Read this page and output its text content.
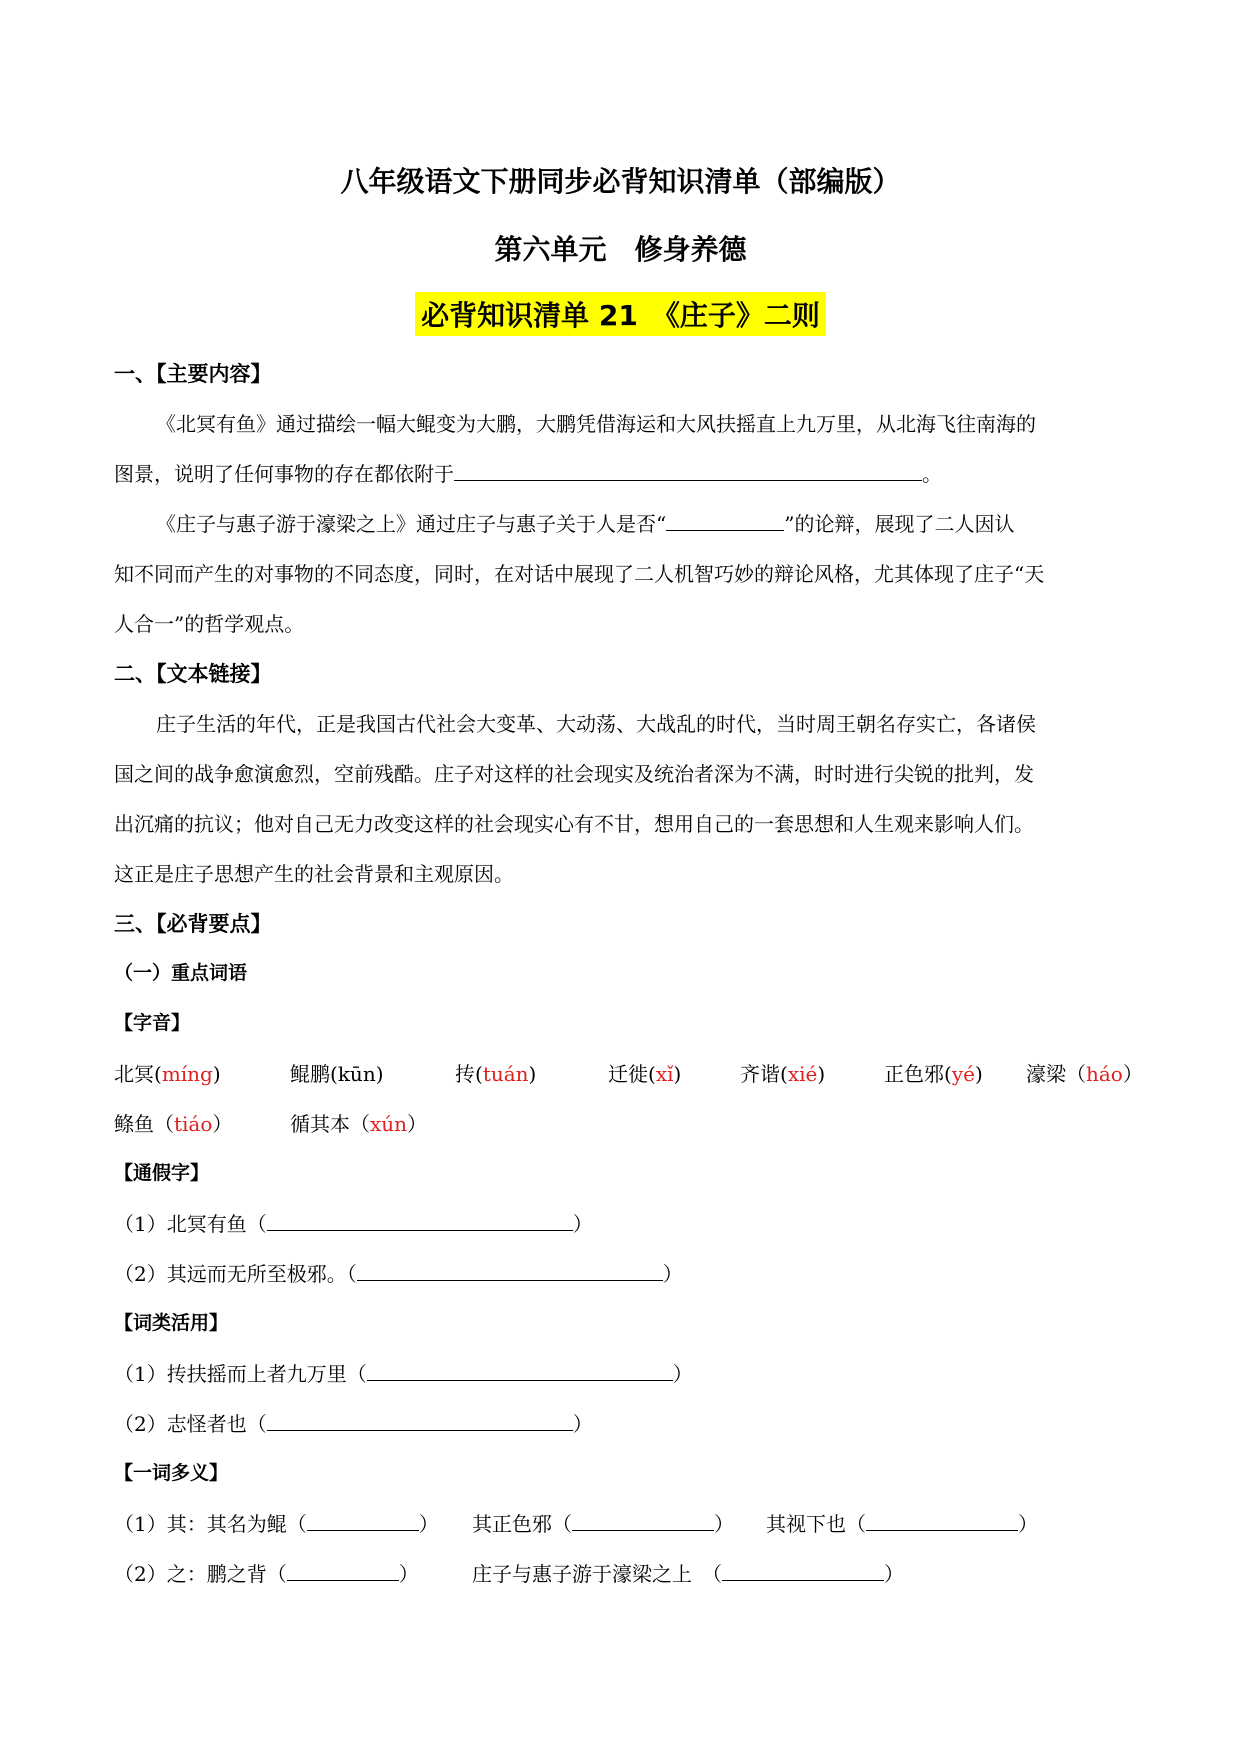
八年级语文下册同步必背知识清单（部编版）
第六单元　修身养德
必背知识清单 21　《庄子》二则
一、【主要内容】
《北冥有鱼》通过描绘一幅大鲲变为大鹏，大鹏凭借海运和大风扶摇直上九万里，从北海飞往南海的
图景，说明了任何事物的存在都依附于	。
《庄子与惠子游于濠梁之上》通过庄子与惠子关于人是否“	”的论辩，展现了二人因认
知不同而产生的对事物的不同态度，同时，在对话中展现了二人机智巧妙的辩论风格，尤其体现了庄子“天
人合一”的哲学观点。
二、【文本链接】
庄子生活的年代，正是我国古代社会大变革、大动荡、大战乱的时代，当时周王朝名存实亡，各诸侯
国之间的战争愈演愈烈，空前残酷。庄子对这样的社会现实及统治者深为不满，时时进行尖锐的批判，发
出沉痛的抗议；他对自己无力改变这样的社会现实心有不甘，想用自己的一套思想和人生观来影响人们。
这正是庄子思想产生的社会背景和主观原因。
三、【必背要点】
（一）重点词语
【字音】
北冥(míng)	鲲鹏(kūn)	抟(tuán)	迁徙(xǐ)	齐谐(xié)	正色邪(yé) 濠梁（háo）
鲦鱼（tiáo）	循其本（xún）
【通假字】
（1）北冥有鱼（	）
（2）其远而无所至极邪。（	）
【词类活用】
（1）抟扶摇而上者九万里（	）
（2）志怪者也（	）
【一词多义】
（1）其：其名为鲲（	） 其正色邪（	） 其视下也（	）
（2）之：鹏之背（	）	庄子与惠子游于濠梁之上　（	）
